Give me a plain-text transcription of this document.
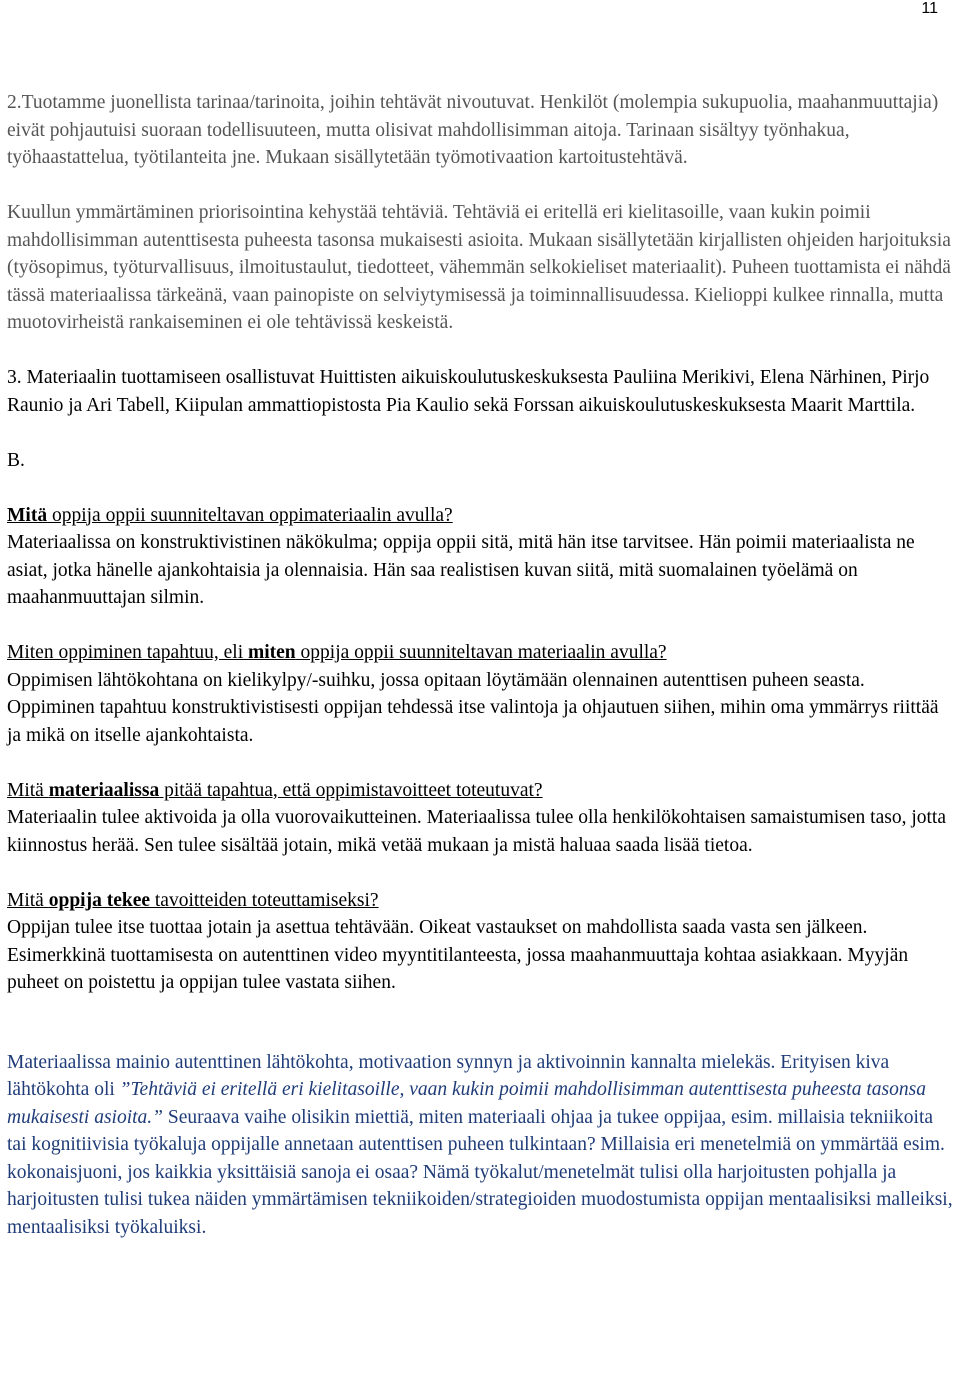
11

2.Tuotamme juonellista tarinaa/tarinoita, joihin tehtävät nivoutuvat. Henkilöt (molempia sukupuolia, maahanmuuttajia) eivät pohjautuisi suoraan todellisuuteen, mutta olisivat mahdollisimman aitoja. Tarinaan sisältyy työnhakua, työhaastattelua, työtilanteita jne. Mukaan sisällytetään työmotivaation kartoitustehtävä.

Kuullun ymmärtäminen priorisointina kehystää tehtäviä. Tehtäviä ei eritellä eri kielitasoille, vaan kukin poimii mahdollisimman autenttisesta puheesta tasonsa mukaisesti asioita. Mukaan sisällytetään kirjallisten ohjeiden harjoituksia (työsopimus, työturvallisuus, ilmoitustaulut, tiedotteet, vähemmän selkokieliset materiaalit). Puheen tuottamista ei nähdä tässä materiaalissa tärkeänä, vaan painopiste on selviytymisessä ja toiminnallisuudessa. Kielioppi kulkee rinnalla, mutta muotovirheistä rankaiseminen ei ole tehtävissä keskeistä.

3. Materiaalin tuottamiseen osallistuvat Huittisten aikuiskoulutuskeskuksesta Pauliina Merikivi, Elena Närhinen, Pirjo Raunio ja Ari Tabell, Kiipulan ammattiopistosta Pia Kaulio sekä Forssan aikuiskoulutuskeskuksesta Maarit Marttila.

B.

Mitä oppija oppii suunniteltavan oppimateriaalin avulla?

Materiaalissa on konstruktivistinen näkökulma; oppija oppii sitä, mitä hän itse tarvitsee. Hän poimii materiaalista ne asiat, jotka hänelle ajankohtaisia ja olennaisia. Hän saa realistisen kuvan siitä, mitä suomalainen työelämä on maahanmuuttajan silmin.

Miten oppiminen tapahtuu, eli miten oppija oppii suunniteltavan materiaalin avulla?

Oppimisen lähtökohtana on kielikylpy/-suihku, jossa opitaan löytämään olennainen autenttisen puheen seasta. Oppiminen tapahtuu konstruktivistisesti oppijan tehdessä itse valintoja ja ohjautuen siihen, mihin oma ymmärrys riittää ja mikä on itselle ajankohtaista.

Mitä materiaalissa pitää tapahtua, että oppimistavoitteet toteutuvat?

Materiaalin tulee aktivoida ja olla vuorovaikutteinen. Materiaalissa tulee olla henkilökohtaisen samaistumisen taso, jotta kiinnostus herää. Sen tulee sisältää jotain, mikä vetää mukaan ja mistä haluaa saada lisää tietoa.

Mitä oppija tekee tavoitteiden toteuttamiseksi?

Oppijan tulee itse tuottaa jotain ja asettua tehtävään. Oikeat vastaukset on mahdollista saada vasta sen jälkeen. Esimerkkinä tuottamisesta on autenttinen video myyntitilanteesta, jossa maahanmuuttaja kohtaa asiakkaan. Myyjän puheet on poistettu ja oppijan tulee vastata siihen.

Materiaalissa mainio autenttinen lähtökohta, motivaation synnyn ja aktivoinnin kannalta mielekäs. Erityisen kiva lähtökohta oli ”Tehtäviä ei eritellä eri kielitasoille, vaan kukin poimii mahdollisimman autenttisesta puheesta tasonsa mukaisesti asioita.” Seuraava vaihe olisikin miettiä, miten materiaali ohjaa ja tukee oppijaa, esim. millaisia tekniikoita tai kognitiivisia työkaluja oppijalle annetaan autenttisen puheen tulkintaan? Millaisia eri menetelmiä on ymmärtää esim. kokonaisjuoni, jos kaikkia yksittäisiä sanoja ei osaa? Nämä työkalut/menetelmät tulisi olla harjoitusten pohjalla ja harjoitusten tulisi tukea näiden ymmärtämisen tekniikoiden/strategioiden muodostumista oppijan mentaalisiksi malleiksi, mentaalisiksi työkaluiksi.
